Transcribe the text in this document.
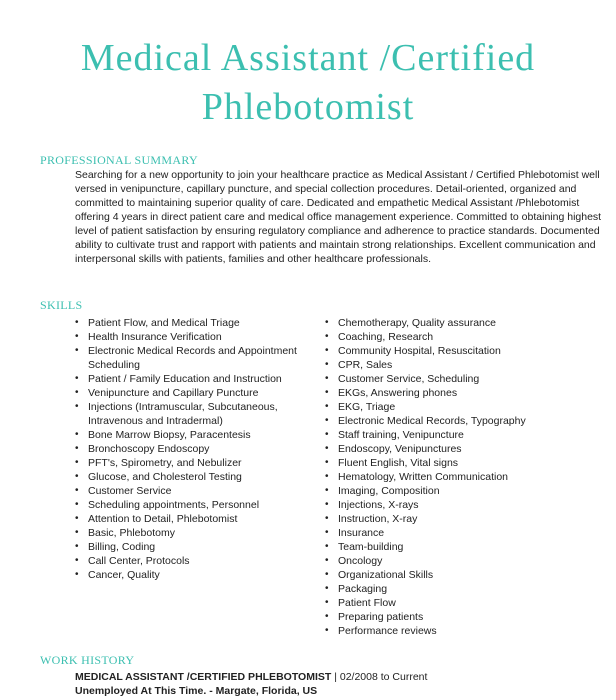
Medical Assistant /Certified
Phlebotomist
PROFESSIONAL SUMMARY

Searching for a new opportunity to join your healthcare practice as Medical Assistant / Certified Phlebotomist well versed in venipuncture, capillary puncture, and special collection procedures. Detail-oriented, organized and committed to maintaining superior quality of care. Dedicated and empathetic Medical Assistant /Phlebotomist offering 4 years in direct patient care and medical office management experience. Committed to obtaining highest level of patient satisfaction by ensuring regulatory compliance and adherence to practice standards. Documented ability to cultivate trust and rapport with patients and maintain strong relationships. Excellent communication and interpersonal skills with patients, families and other healthcare professionals.

SKILLS
• Patient Flow, and Medical Triage
• Health Insurance Verification
• Electronic Medical Records and Appointment Scheduling
• Patient / Family Education and Instruction
• Venipuncture and Capillary Puncture
• Injections (Intramuscular, Subcutaneous, Intravenous and Intradermal)
• Bone Marrow Biopsy, Paracentesis
• Bronchoscopy Endoscopy
• PFT's, Spirometry, and Nebulizer
• Glucose, and Cholesterol Testing
• Customer Service
• Scheduling appointments, Personnel
• Attention to Detail, Phlebotomist
• Basic, Phlebotomy
• Billing, Coding
• Call Center, Protocols
• Cancer, Quality
• Chemotherapy, Quality assurance
• Coaching, Research
• Community Hospital, Resuscitation
• CPR, Sales
• Customer Service, Scheduling
• EKGs, Answering phones
• EKG, Triage
• Electronic Medical Records, Typography
• Staff training, Venipuncture
• Endoscopy, Venipunctures
• Fluent English, Vital signs
• Hematology, Written Communication
• Imaging, Composition
• Injections, X-rays
• Instruction, X-ray
• Insurance
• Team-building
• Oncology
• Organizational Skills
• Packaging
• Patient Flow
• Preparing patients
• Performance reviews
WORK HISTORY
MEDICAL ASSISTANT /CERTIFIED PHLEBOTOMIST | 02/2008 to Current
Unemployed At This Time. - Margate, Florida, US
